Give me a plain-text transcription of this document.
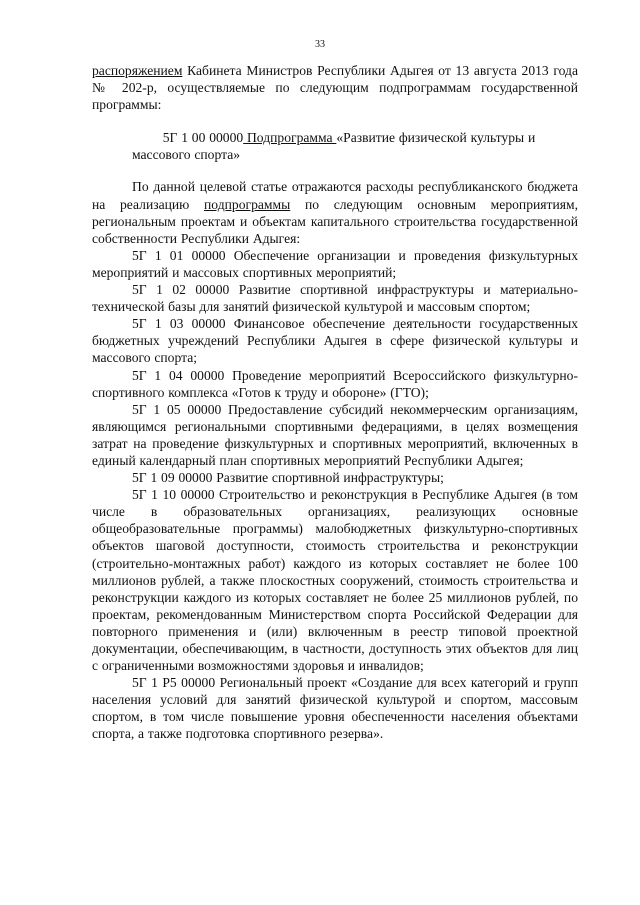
33

распоряжением Кабинета Министров Республики Адыгея от 13 августа 2013 года № 202-р, осуществляемые по следующим подпрограммам государственной программы:

5Г 1 00 00000 Подпрограмма «Развитие физической культуры и массового спорта»

По данной целевой статье отражаются расходы республиканского бюджета на реализацию подпрограммы по следующим основным мероприятиям, региональным проектам и объектам капитального строительства государственной собственности Республики Адыгея:

5Г 1 01 00000 Обеспечение организации и проведения физкультурных мероприятий и массовых спортивных мероприятий;

5Г 1 02 00000 Развитие спортивной инфраструктуры и материально-технической базы для занятий физической культурой и массовым спортом;

5Г 1 03 00000 Финансовое обеспечение деятельности государственных бюджетных учреждений Республики Адыгея в сфере физической культуры и массового спорта;

5Г 1 04 00000 Проведение мероприятий Всероссийского физкультурно-спортивного комплекса «Готов к труду и обороне» (ГТО);

5Г 1 05 00000 Предоставление субсидий некоммерческим организациям, являющимся региональными спортивными федерациями, в целях возмещения затрат на проведение физкультурных и спортивных мероприятий, включенных в единый календарный план спортивных мероприятий Республики Адыгея;

5Г 1 09 00000 Развитие спортивной инфраструктуры;

5Г 1 10 00000 Строительство и реконструкция в Республике Адыгея (в том числе в образовательных организациях, реализующих основные общеобразовательные программы) малобюджетных физкультурно-спортивных объектов шаговой доступности, стоимость строительства и реконструкции (строительно-монтажных работ) каждого из которых составляет не более 100 миллионов рублей, а также плоскостных сооружений, стоимость строительства и реконструкции каждого из которых составляет не более 25 миллионов рублей, по проектам, рекомендованным Министерством спорта Российской Федерации для повторного применения и (или) включенным в реестр типовой проектной документации, обеспечивающим, в частности, доступность этих объектов для лиц с ограниченными возможностями здоровья и инвалидов;

5Г 1 P5 00000 Региональный проект «Создание для всех категорий и групп населения условий для занятий физической культурой и спортом, массовым спортом, в том числе повышение уровня обеспеченности населения объектами спорта, а также подготовка спортивного резерва».
